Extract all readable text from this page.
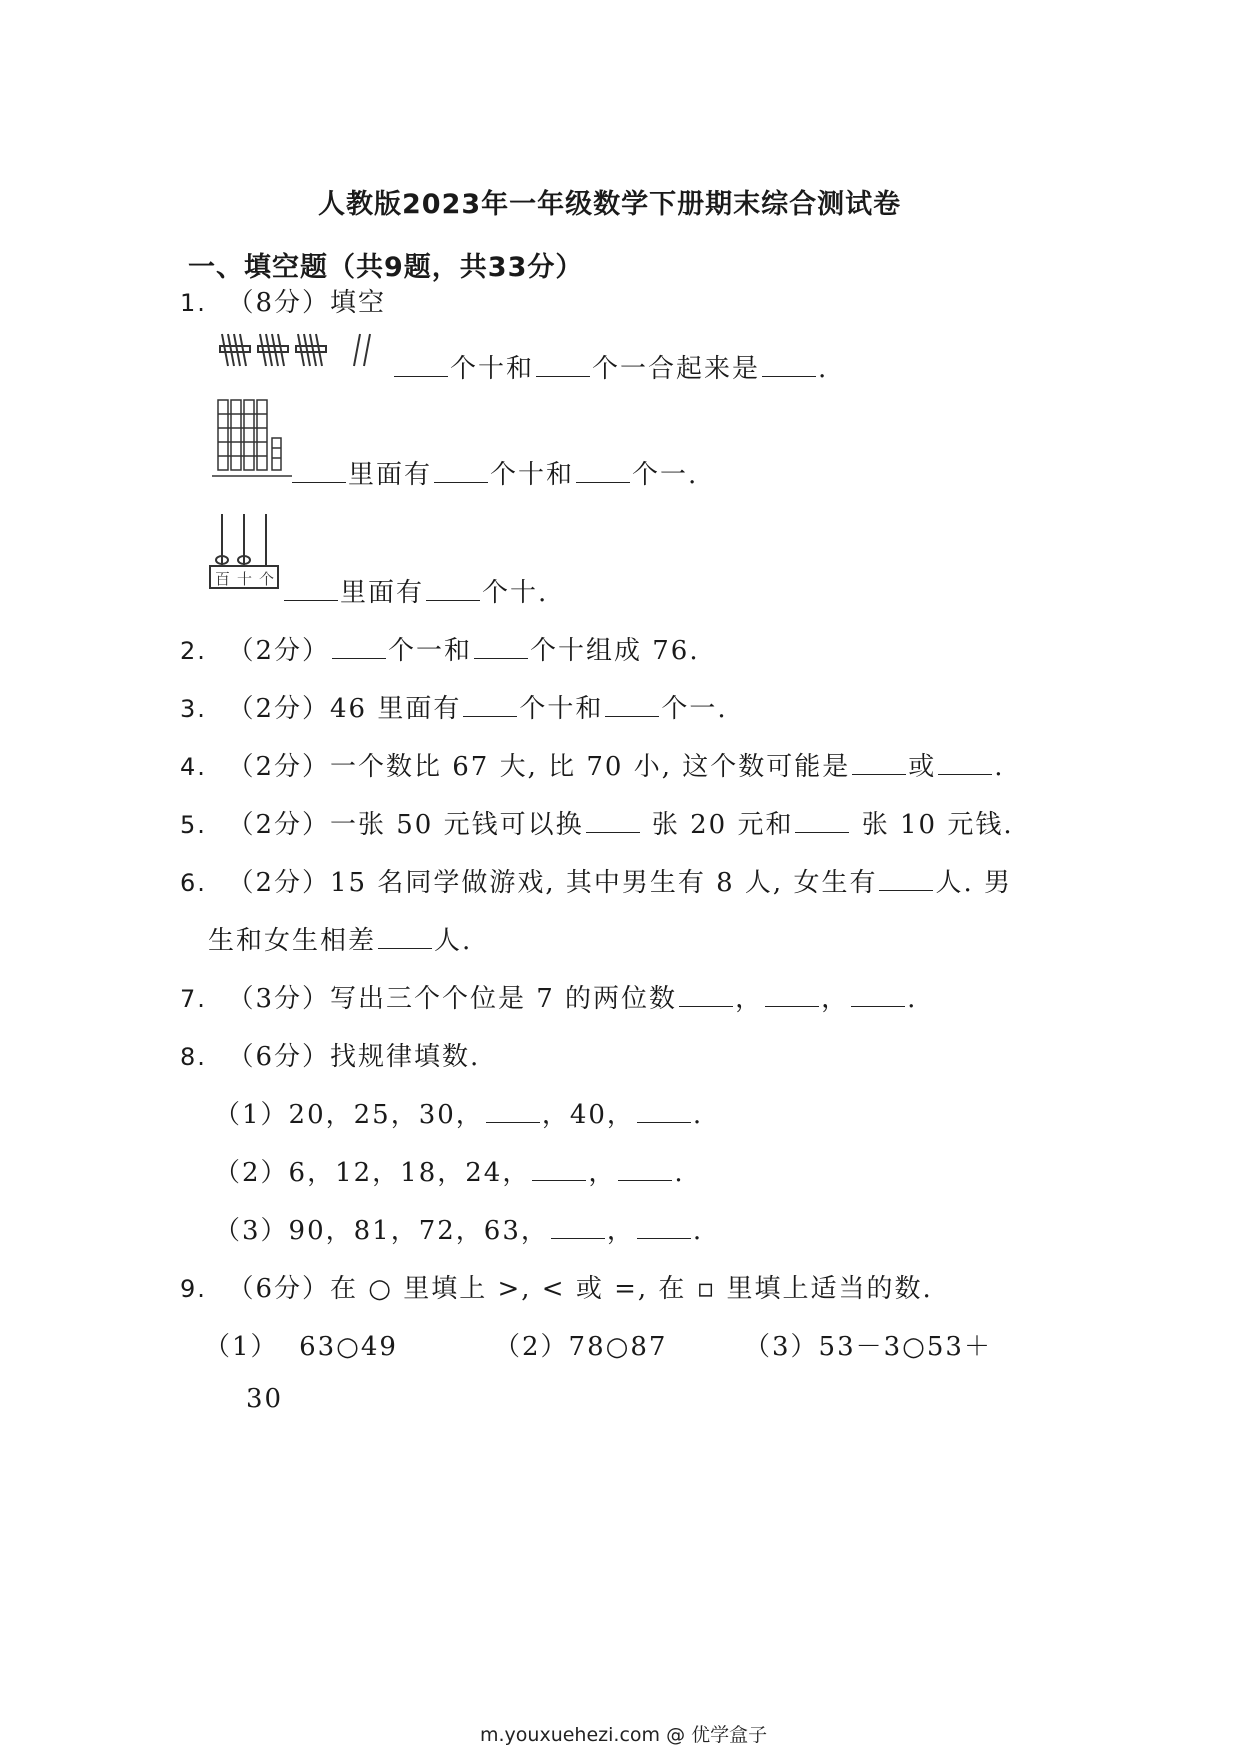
人教版2023年一年级数学下册期末综合测试卷
一、填空题（共9题，共33分）
1. （8分）填空
个十和 个一合起来是 .
里面有 个十和 个一.
百 十 个	里面有 个十.
2. （2分） 个一和 个十组成 76.
3. （2分）46 里面有 个十和 个一.
4. （2分）一个数比 67 大, 比 70 小, 这个数可能是 或 .
5. （2分）一张 50 元钱可以换 张 20 元和 张 10 元钱.
6. （2分）15 名同学做游戏, 其中男生有 8 人, 女生有 人. 男
生和女生相差 人.
7. （3分）写出三个个位是 7 的两位数 ， ， .
8. （6分）找规律填数.
（1）20，25，30， ，40， .
（2）6，12，18，24， ， .
（3）90，81，72，63， ， .
9. （6分）在 ○ 里填上 >, < 或 =, 在 ▫ 里填上适当的数.
（1） 63○49	（2）78○87	（3）53－3○53＋
30
m.youxuehezi.com @ 优学盒子
